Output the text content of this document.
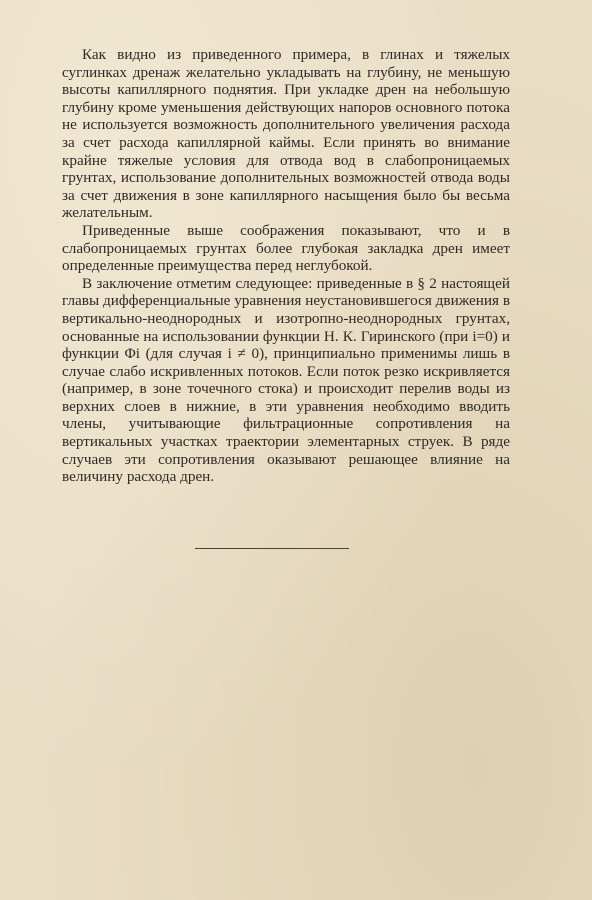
Как видно из приведенного примера, в глинах и тяжелых суглинках дренаж желательно укладывать на глубину, не меньшую высоты капиллярного поднятия. При укладке дрен на небольшую глубину кроме уменьшения действующих напоров основного потока не используется возможность дополнительного увеличения расхода за счет расхода капиллярной каймы. Если принять во внимание крайне тяжелые условия для отвода вод в слабопроницаемых грунтах, использование дополнительных возможностей отвода воды за счет движения в зоне капиллярного насыщения было бы весьма желательным.

Приведенные выше соображения показывают, что и в слабопроницаемых грунтах более глубокая закладка дрен имеет определенные преимущества перед неглубокой.

В заключение отметим следующее: приведенные в § 2 настоящей главы дифференциальные уравнения неустановившегося движения в вертикально-неоднородных и изотропно-неоднородных грунтах, основанные на использовании функции Н. К. Гиринского (при i=0) и функции Φi (для случая i ≠ 0), принципиально применимы лишь в случае слабо искривленных потоков. Если поток резко искривляется (например, в зоне точечного стока) и происходит перелив воды из верхних слоев в нижние, в эти уравнения необходимо вводить члены, учитывающие фильтрационные сопротивления на вертикальных участках траектории элементарных струек. В ряде случаев эти сопротивления оказывают решающее влияние на величину расхода дрен.
